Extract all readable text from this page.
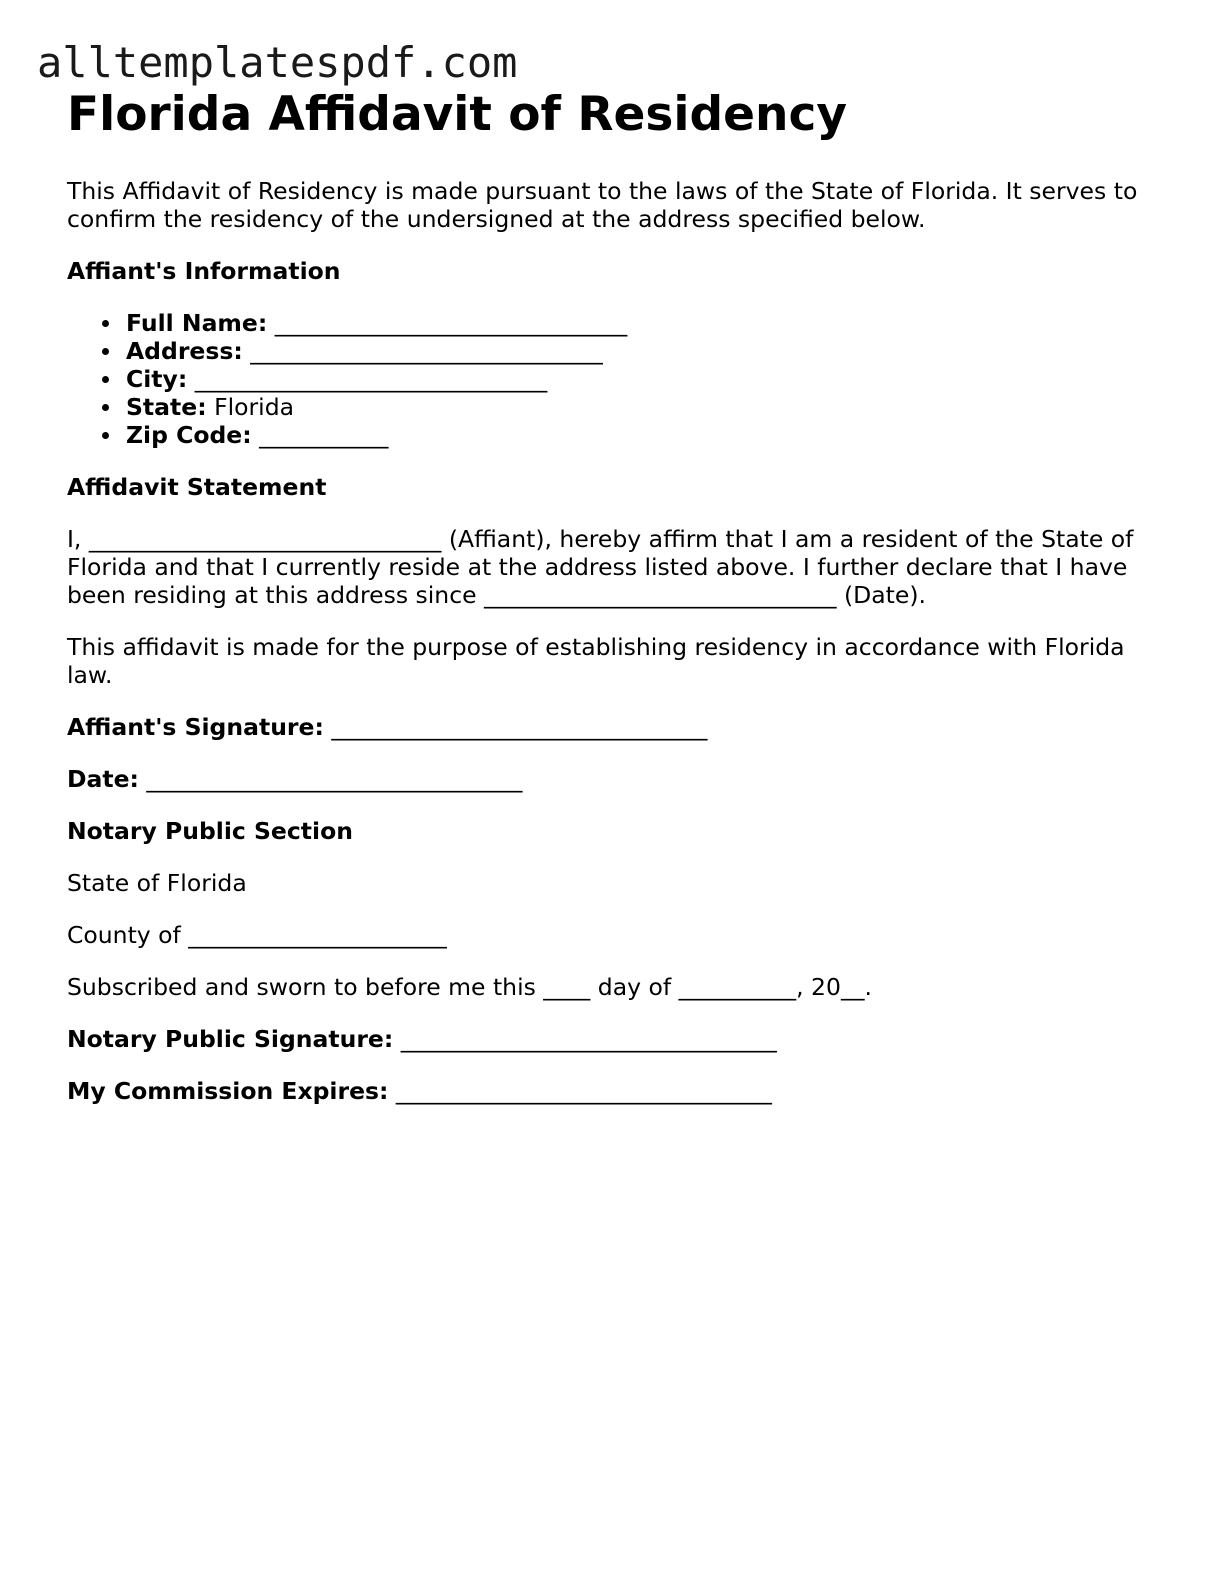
alltemplatespdf.com
Florida Affidavit of Residency

This Affidavit of Residency is made pursuant to the laws of the State of Florida. It serves to confirm the residency of the undersigned at the address specified below.

Affiant's Information
Full Name: ______________________________
Address: ______________________________
City: ______________________________
State: Florida
Zip Code: ___________
Affidavit Statement

I, ______________________________ (Affiant), hereby affirm that I am a resident of the State of Florida and that I currently reside at the address listed above. I further declare that I have been residing at this address since ______________________________ (Date).

This affidavit is made for the purpose of establishing residency in accordance with Florida law.

Affiant's Signature: ________________________________

Date: ________________________________

Notary Public Section

State of Florida

County of ______________________

Subscribed and sworn to before me this ____ day of __________, 20__.

Notary Public Signature: ________________________________

My Commission Expires: ________________________________
